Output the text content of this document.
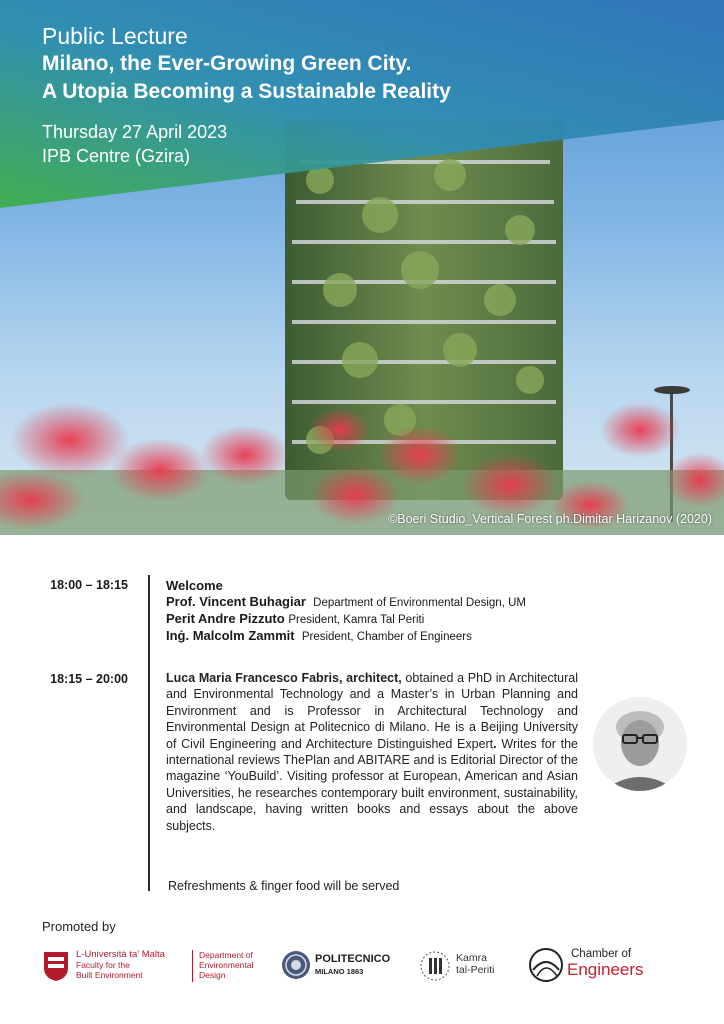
Public Lecture
Milano, the Ever-Growing Green City.
A Utopia Becoming a Sustainable Reality
Thursday 27 April 2023
IPB Centre (Gzira)
©Boeri Studio_Vertical Forest ph.Dimitar Harizanov (2020)
18:00 – 18:15	Welcome
Prof. Vincent Buhagiar Department of Environmental Design, UM
Perit Andre Pizzuto President, Kamra Tal Periti
Inġ. Malcolm Zammit President, Chamber of Engineers
18:15 – 20:00	Luca Maria Francesco Fabris, architect, obtained a PhD in Architectural and Environmental Technology and a Master’s in Urban Planning and Environment and is Professor in Architectural Technology and Environmental Design at Politecnico di Milano. He is a Beijing University of Civil Engineering and Architecture Distinguished Expert. Writes for the international reviews ThePlan and ABITARE and is Editorial Director of the magazine ‘YouBuild’. Visiting professor at European, American and Asian Universities, he researches contemporary built environment, sustainability, and landscape, having written books and essays about the above subjects.
Refreshments & finger food will be served
Promoted by
L-Università ta' Malta
Faculty for the
Built Environment
Department of
Environmental
Design
POLITECNICO
MILANO 1863
Kamra
tal-Periti
Chamber of
Engineers
